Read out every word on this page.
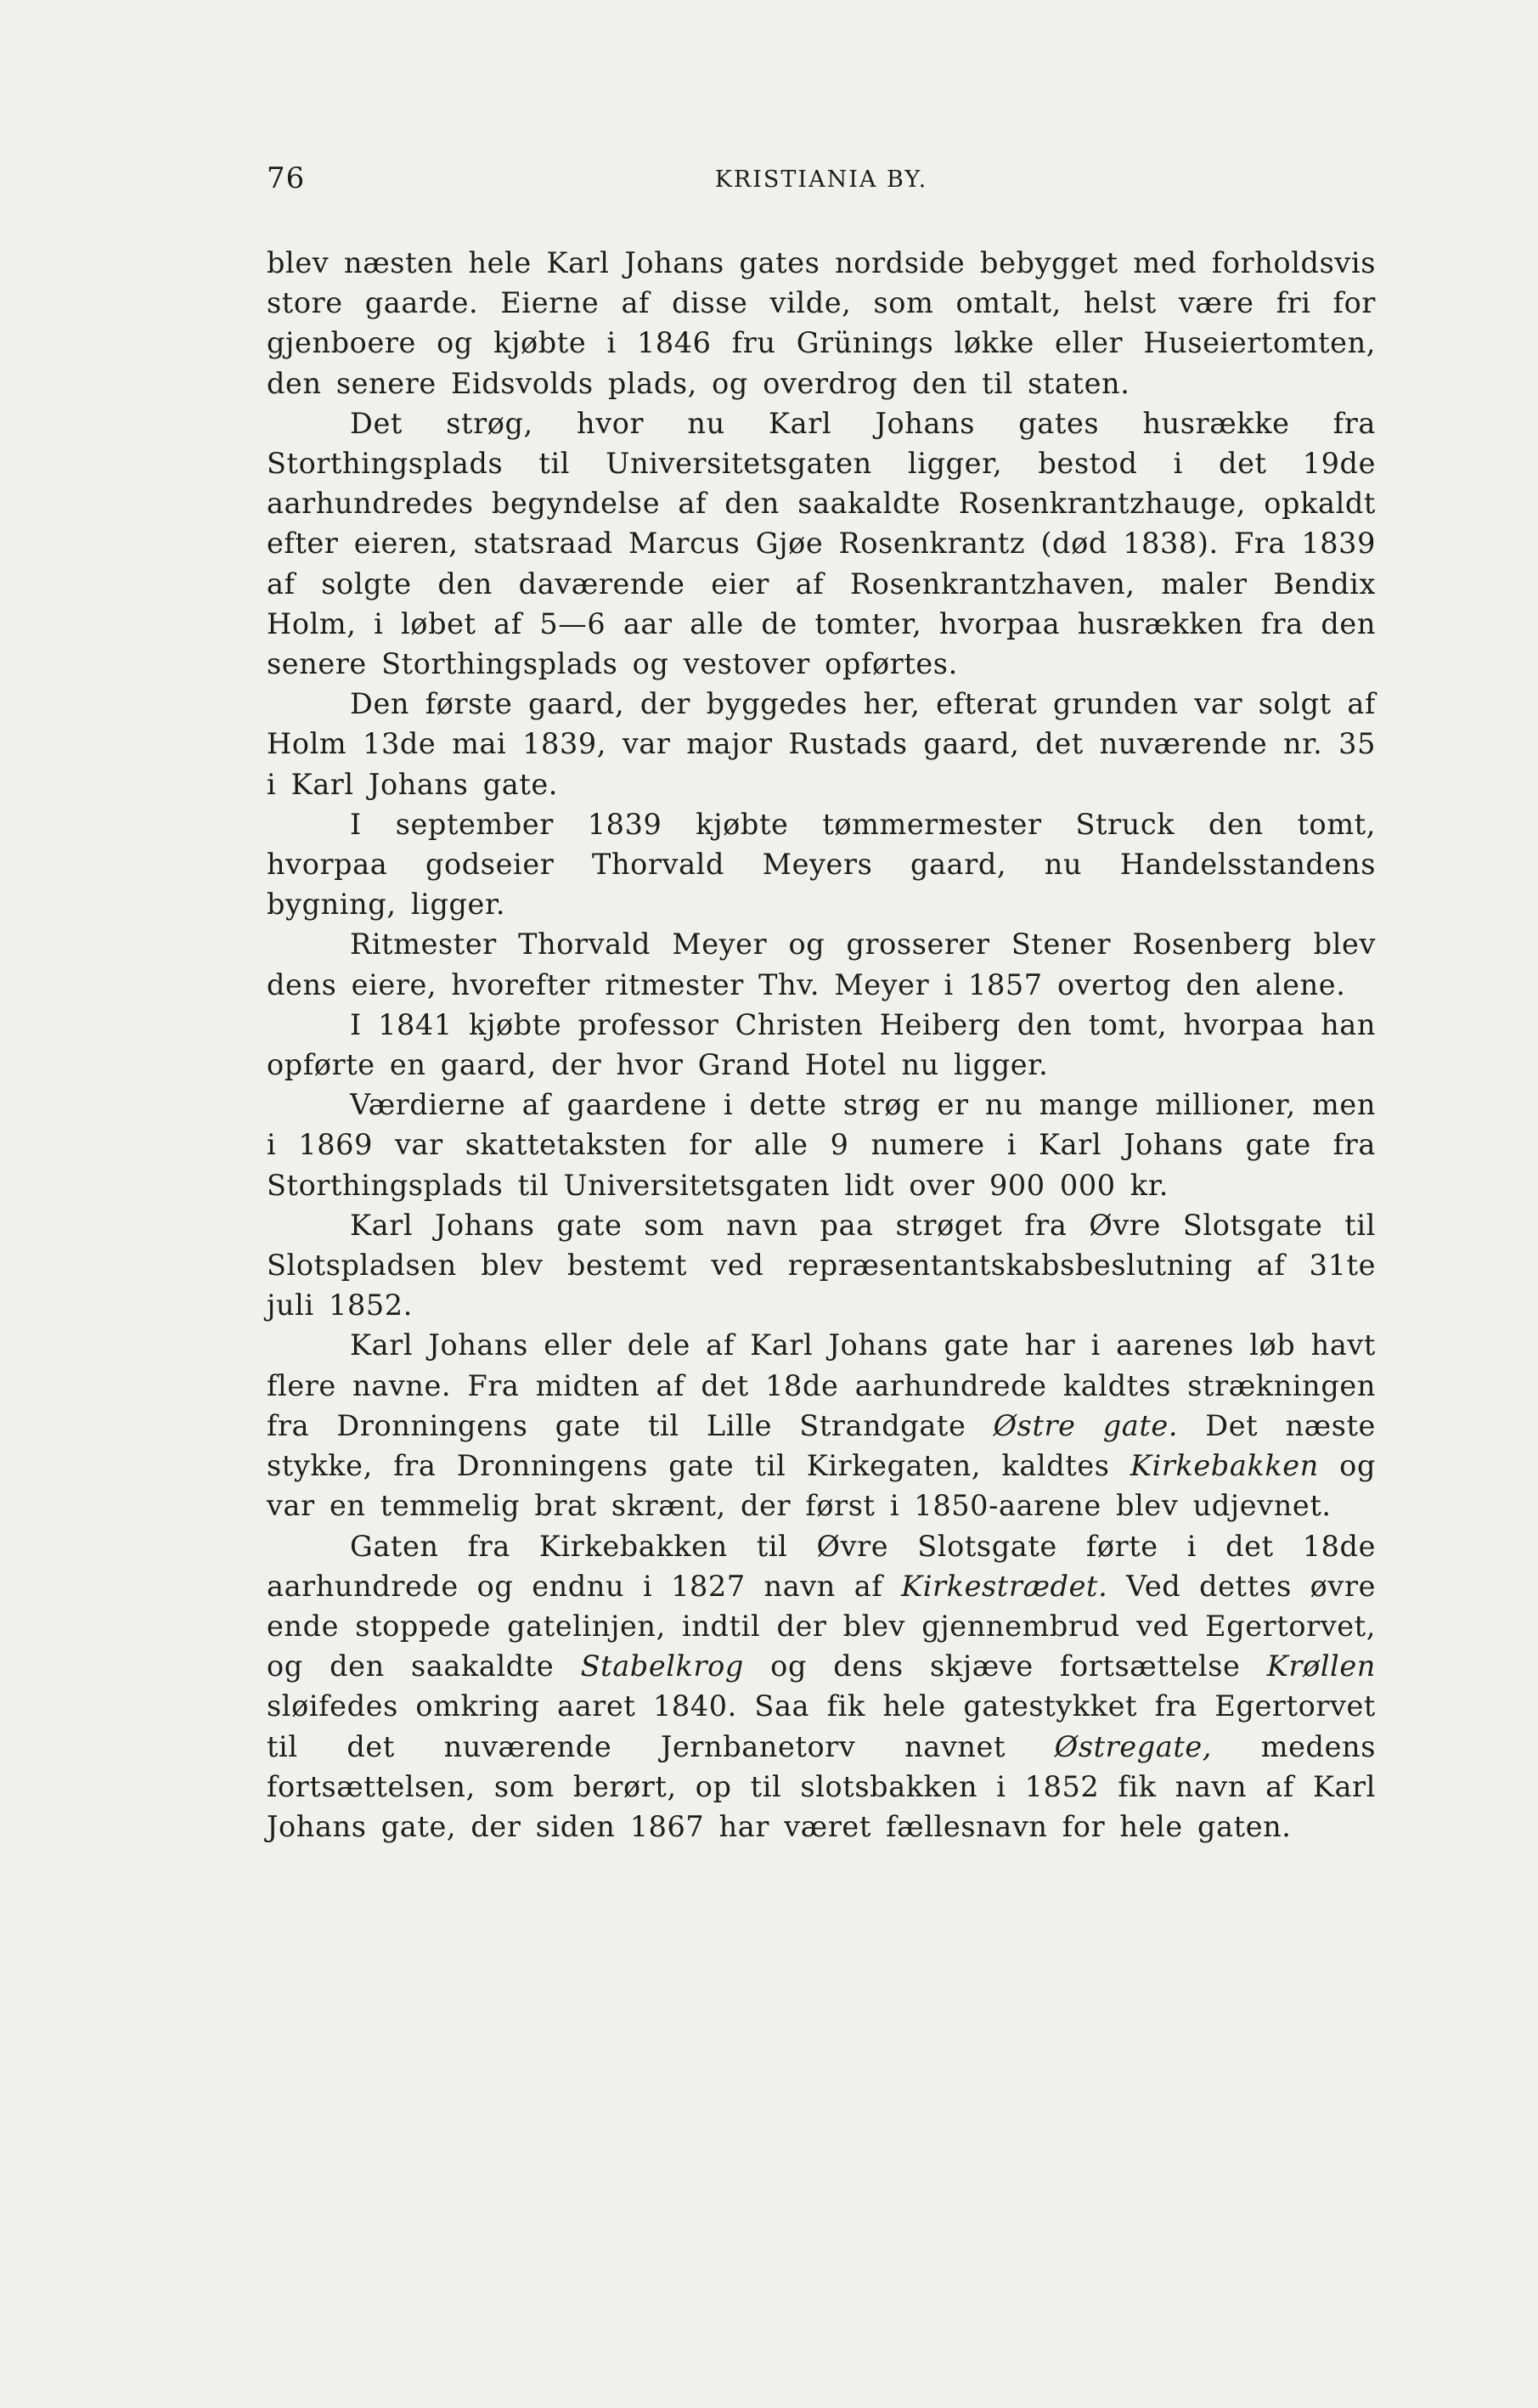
76	KRISTIANIA BY.

blev næsten hele Karl Johans gates nordside bebygget med forholdsvis store gaarde. Eierne af disse vilde, som omtalt, helst være fri for gjenboere og kjøbte i 1846 fru Grünings løkke eller Huseiertomten, den senere Eidsvolds plads, og overdrog den til staten.

Det strøg, hvor nu Karl Johans gates husrække fra Storthingsplads til Universitetsgaten ligger, bestod i det 19de aarhundredes begyndelse af den saakaldte Rosenkrantzhauge, opkaldt efter eieren, statsraad Marcus Gjøe Rosenkrantz (død 1838). Fra 1839 af solgte den daværende eier af Rosenkrantzhaven, maler Bendix Holm, i løbet af 5—6 aar alle de tomter, hvorpaa husrækken fra den senere Storthingsplads og vestover opførtes.

Den første gaard, der byggedes her, efterat grunden var solgt af Holm 13de mai 1839, var major Rustads gaard, det nuværende nr. 35 i Karl Johans gate.

I september 1839 kjøbte tømmermester Struck den tomt, hvorpaa godseier Thorvald Meyers gaard, nu Handelsstandens bygning, ligger.

Ritmester Thorvald Meyer og grosserer Stener Rosenberg blev dens eiere, hvorefter ritmester Thv. Meyer i 1857 overtog den alene.

I 1841 kjøbte professor Christen Heiberg den tomt, hvorpaa han opførte en gaard, der hvor Grand Hotel nu ligger.

Værdierne af gaardene i dette strøg er nu mange millioner, men i 1869 var skattetaksten for alle 9 numere i Karl Johans gate fra Storthingsplads til Universitetsgaten lidt over 900 000 kr.

Karl Johans gate som navn paa strøget fra Øvre Slotsgate til Slotspladsen blev bestemt ved repræsentantskabsbeslutning af 31te juli 1852.

Karl Johans eller dele af Karl Johans gate har i aarenes løb havt flere navne. Fra midten af det 18de aarhundrede kaldtes strækningen fra Dronningens gate til Lille Strandgate Østre gate. Det næste stykke, fra Dronningens gate til Kirkegaten, kaldtes Kirkebakken og var en temmelig brat skrænt, der først i 1850-aarene blev udjevnet.

Gaten fra Kirkebakken til Øvre Slotsgate førte i det 18de aarhundrede og endnu i 1827 navn af Kirkestrædet. Ved dettes øvre ende stoppede gatelinjen, indtil der blev gjennembrud ved Egertorvet, og den saakaldte Stabelkrog og dens skjæve fortsættelse Krøllen sløifedes omkring aaret 1840. Saa fik hele gatestykket fra Egertorvet til det nuværende Jernbanetorv navnet Østregate, medens fortsættelsen, som berørt, op til slotsbakken i 1852 fik navn af Karl Johans gate, der siden 1867 har været fællesnavn for hele gaten.
